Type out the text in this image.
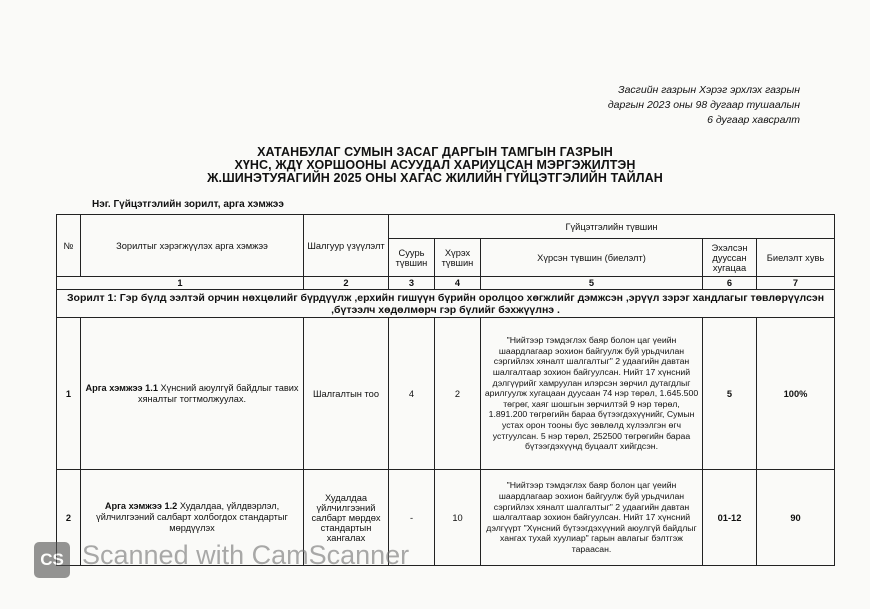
Засгийн газрын Хэрэг эрхлэх газрын
даргын 2023 оны 98 дугаар тушаалын
6 дугаар хавсралт
ХАТАНБУЛАГ СУМЫН ЗАСАГ ДАРГЫН ТАМГЫН ГАЗРЫН
ХҮНС, ЖДҮ ХОРШООНЫ АСУУДАЛ ХАРИУЦСАН МЭРГЭЖИЛТЭН
Ж.ШИНЭТУЯАГИЙН 2025 ОНЫ ХАГАС ЖИЛИЙН ГҮЙЦЭТГЭЛИЙН ТАЙЛАН
Нэг. Гүйцэтгэлийн зорилт, арга хэмжээ
№	Зорилтыг хэрэгжүүлэх арга хэмжээ	Шалгуур үзүүлэлт	Гүйцэтгэлийн түвшин				
			Суурь түвшин	Хүрэх түвшин	Хүрсэн түвшин (биелэлт)	Эхэлсэн дууссан хугацаа	Биелэлт хувь
1		2	3	4	5	6	7
Зорилт 1: Гэр бүлд ээлтэй орчин нөхцөлийг бүрдүүлж ,ерхийн гишүүн бүрийн оролцоо хөгжлийг дэмжсэн ,эрүүл зэрэг хандлагыг төвлөрүүлсэн ,бүтээлч хөдөлмөрч гэр бүлийг бэхжүүлнэ .							
1	Арга хэмжээ 1.1 Хүнсний аюулгүй байдлыг тавих хяналтыг тогтмолжуулах.	Шалгалтын тоо	4	2	"Нийтээр тэмдэглэх баяр болон цаг үеийн шаардлагаар эохион байгуулж буй урьдчилан сэргийлэх хяналт шалгалтыг" 2 удаагийн давтан шалгалтаар зохион байгуулсан. Нийт 17 хүнсний дэлгүүрийг хамруулан илэрсэн зөрчил дутагдлыг арилгуулж хугацаан дуусаан 74 нэр төрөл, 1.645.500 төгрөг, хаяг шошгын зөрчилтэй 9 нэр төрөл, 1.891.200 төгрөгийн бараа бүтээгдэхүүнийг, Сумын устах орон тооны бус зөвлөлд хүлээлгэн өгч устгуулсан. 5 нэр төрөл, 252500 төгрөгийн бараа бүтээгдэхүүнд буцаалт хийгдсэн.	5	100%
2	Арга хэмжээ 1.2 Худалдаа, үйлдвэрлэл, үйлчилгээний салбарт холбогдох стандартыг мөрдүүлэх	Худалдаа үйлчилгээний салбарт мөрдөх стандартын хангалах	-	10	"Нийтээр тэмдэглэх баяр болон цаг үеийн шаардлагаар эохион байгуулж буй урьдчилан сэргийлэх хяналт шалгалтыг" 2 удаагийн давтан шалгалтаар зохион байгуулсан. Нийт 17 хүнсний дэлгүүрт "Хүнсний бүтээгдэхүүний аюулгүй байдлыг хангах тухай хуулиар" гарын авлагыг бэлтгэж тараасан.	01-12	90
CS Scanned with CamScanner
